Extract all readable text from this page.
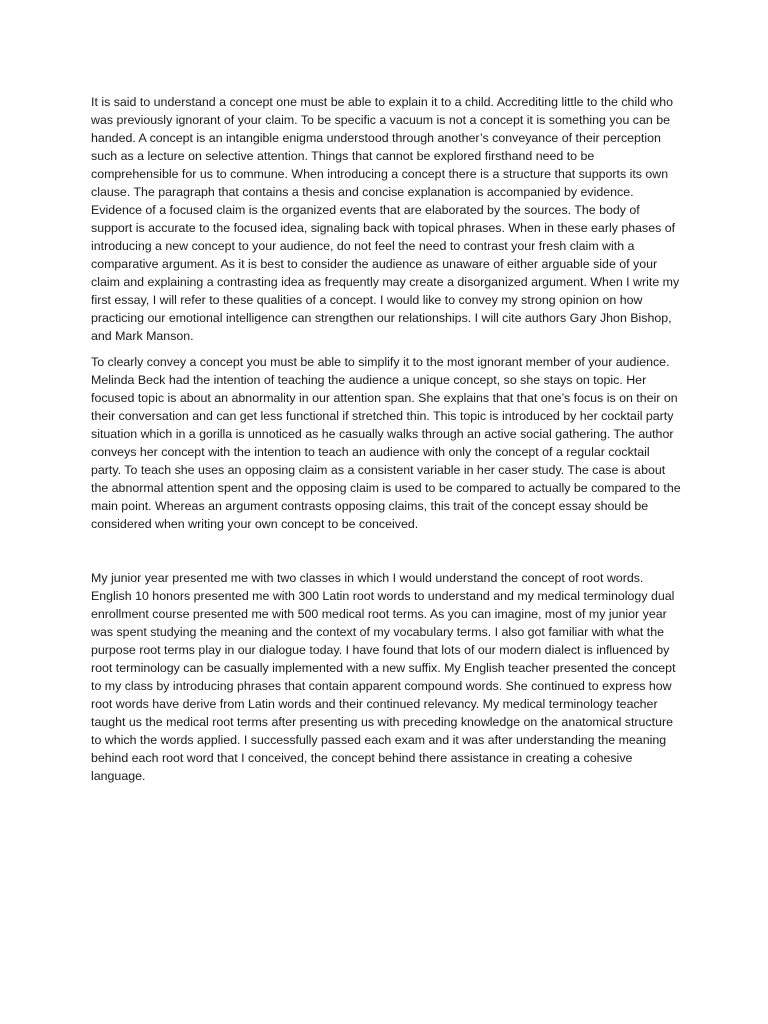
It is said to understand a concept one must be able to explain it to a child. Accrediting little to the child who was previously ignorant of your claim. To be specific a vacuum is not a concept it is something you can be handed. A concept is an intangible enigma understood through another’s conveyance of their perception such as a lecture on selective attention. Things that cannot be explored firsthand need to be comprehensible for us to commune. When introducing a concept there is a structure that supports its own clause. The paragraph that contains a thesis and concise explanation is accompanied by evidence. Evidence of a focused claim is the organized events that are elaborated by the sources. The body of support is accurate to the focused idea, signaling back with topical phrases. When in these early phases of introducing a new concept to your audience, do not feel the need to contrast your fresh claim with a comparative argument. As it is best to consider the audience as unaware of either arguable side of your claim and explaining a contrasting idea as frequently may create a disorganized argument. When I write my first essay, I will refer to these qualities of a concept. I would like to convey my strong opinion on how practicing our emotional intelligence can strengthen our relationships. I will cite authors Gary Jhon Bishop, and Mark Manson.

To clearly convey a concept you must be able to simplify it to the most ignorant member of your audience. Melinda Beck had the intention of teaching the audience a unique concept, so she stays on topic. Her focused topic is about an abnormality in our attention span. She explains that that one’s focus is on their on their conversation and can get less functional if stretched thin. This topic is introduced by her cocktail party situation which in a gorilla is unnoticed as he casually walks through an active social gathering. The author conveys her concept with the intention to teach an audience with only the concept of a regular cocktail party. To teach she uses an opposing claim as a consistent variable in her caser study. The case is about the abnormal attention spent and the opposing claim is used to be compared to actually be compared to the main point. Whereas an argument contrasts opposing claims, this trait of the concept essay should be considered when writing your own concept to be conceived.

My junior year presented me with two classes in which I would understand the concept of root words. English 10 honors presented me with 300 Latin root words to understand and my medical terminology dual enrollment course presented me with 500 medical root terms. As you can imagine, most of my junior year was spent studying the meaning and the context of my vocabulary terms. I also got familiar with what the purpose root terms play in our dialogue today. I have found that lots of our modern dialect is influenced by root terminology can be casually implemented with a new suffix. My English teacher presented the concept to my class by introducing phrases that contain apparent compound words. She continued to express how root words have derive from Latin words and their continued relevancy. My medical terminology teacher taught us the medical root terms after presenting us with preceding knowledge on the anatomical structure to which the words applied. I successfully passed each exam and it was after understanding the meaning behind each root word that I conceived, the concept behind there assistance in creating a cohesive language.
